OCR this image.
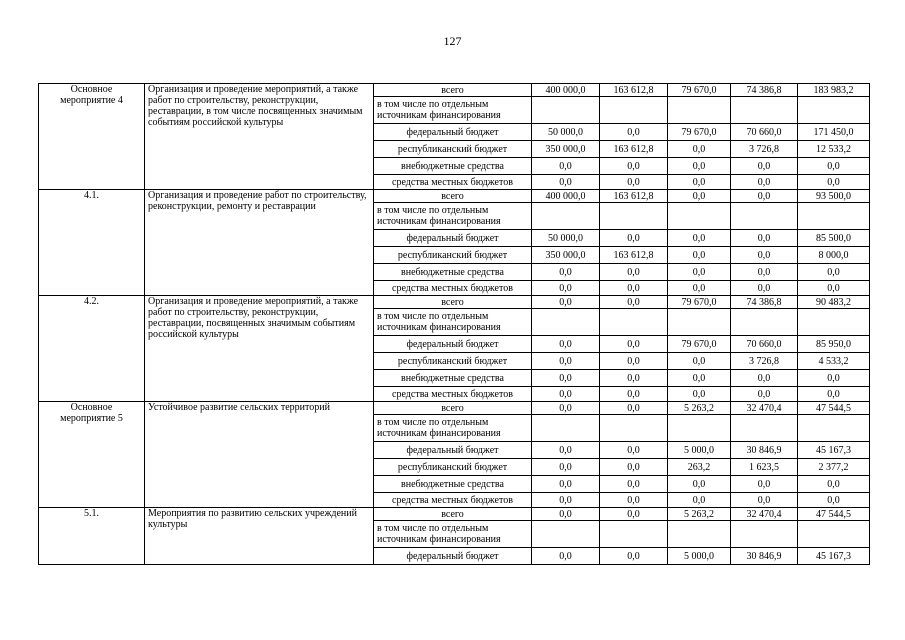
127
Основное мероприятие 4	Организация и проведение мероприятий, а также работ по строительству, реконструкции, реставрации, в том числе посвященных значимым событиям российской культуры	всего	400 000,0	163 612,8	79 670,0	74 386,8	183 983,2
		в том числе по отдельным источникам финансирования					
		федеральный бюджет	50 000,0	0,0	79 670,0	70 660,0	171 450,0
		республиканский бюджет	350 000,0	163 612,8	0,0	3 726,8	12 533,2
		внебюджетные средства	0,0	0,0	0,0	0,0	0,0
		средства местных бюджетов	0,0	0,0	0,0	0,0	0,0
4.1.	Организация и проведение работ по строительству, реконструкции, ремонту и реставрации	всего	400 000,0	163 612,8	0,0	0,0	93 500,0
		в том числе по отдельным источникам финансирования					
		федеральный бюджет	50 000,0	0,0	0,0	0,0	85 500,0
		республиканский бюджет	350 000,0	163 612,8	0,0	0,0	8 000,0
		внебюджетные средства	0,0	0,0	0,0	0,0	0,0
		средства местных бюджетов	0,0	0,0	0,0	0,0	0,0
4.2.	Организация и проведение мероприятий, а также работ по строительству, реконструкции, реставрации, посвященных значимым событиям российской культуры	всего	0,0	0,0	79 670,0	74 386,8	90 483,2
		в том числе по отдельным источникам финансирования					
		федеральный бюджет	0,0	0,0	79 670,0	70 660,0	85 950,0
		республиканский бюджет	0,0	0,0	0,0	3 726,8	4 533,2
		внебюджетные средства	0,0	0,0	0,0	0,0	0,0
		средства местных бюджетов	0,0	0,0	0,0	0,0	0,0
Основное мероприятие 5	Устойчивое развитие сельских территорий	всего	0,0	0,0	5 263,2	32 470,4	47 544,5
		в том числе по отдельным источникам финансирования					
		федеральный бюджет	0,0	0,0	5 000,0	30 846,9	45 167,3
		республиканский бюджет	0,0	0,0	263,2	1 623,5	2 377,2
		внебюджетные средства	0,0	0,0	0,0	0,0	0,0
		средства местных бюджетов	0,0	0,0	0,0	0,0	0,0
5.1.	Мероприятия по развитию сельских учреждений культуры	всего	0,0	0,0	5 263,2	32 470,4	47 544,5
		в том числе по отдельным источникам финансирования					
		федеральный бюджет	0,0	0,0	5 000,0	30 846,9	45 167,3
